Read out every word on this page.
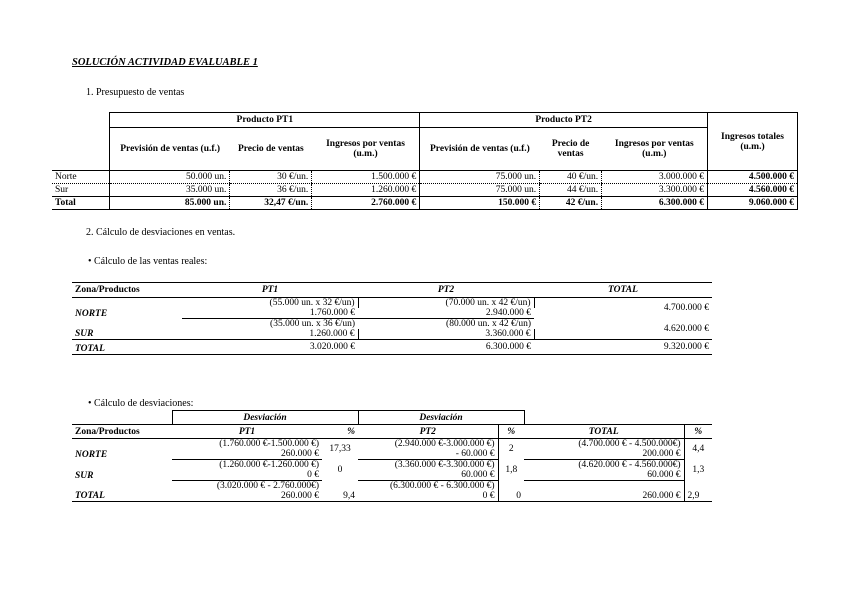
SOLUCIÓN ACTIVIDAD EVALUABLE 1
1. Presupuesto de ventas
	Producto PT1			Producto PT2			Ingresos totales (u.m.)
	Previsión de ventas (u.f.)	Precio de ventas	Ingresos por ventas (u.m.)	Previsión de ventas (u.f.)	Precio de ventas	Ingresos por ventas (u.m.)	
Norte	50.000 un.	30 €/un.	1.500.000 €	75.000 un.	40 €/un.	3.000.000 €	4.500.000 €
Sur	35.000 un.	36 €/un.	1.260.000 €	75.000 un.	44 €/un.	3.300.000 €	4.560.000 €
Total	85.000 un.	32,47 €/un.	2.760.000 €	150.000 €	42 €/un.	6.300.000 €	9.060.000 €
2. Cálculo de desviaciones en ventas.
• Cálculo de las ventas reales:
Zona/Productos	PT1	PT2	TOTAL
NORTE	(55.000 un. x 32 €/un)	(70.000 un. x 42 €/un)	4.700.000 €
	1.760.000 €	2.940.000 €	
SUR	(35.000 un. x 36 €/un)	(80.000 un. x 42 €/un)	4.620.000 €
	1.260.000 €	3.360.000 €	
TOTAL	3.020.000 €	6.300.000 €	9.320.000 €
• Cálculo de desviaciones:
	Desviación		Desviación			
Zona/Productos	PT1	%	PT2	%	TOTAL	%
NORTE	(1.760.000 €-1.500.000 €)	17,33	(2.940.000 €-3.000.000 €)	2	(4.700.000 € - 4.500.000€)	4,4
	260.000 €		- 60.000 €		200.000 €	
SUR	(1.260.000 €-1.260.000 €)	0	(3.360.000 €-3.300.000 €)	1,8	(4.620.000 € - 4.560.000€)	1,3
	0 €		60.000 €		60.000 €	
TOTAL	(3.020.000 € - 2.760.000€)	9,4	(6.300.000 € - 6.300.000 €)	0		2,9
	260.000 €		0 €		260.000 €	
